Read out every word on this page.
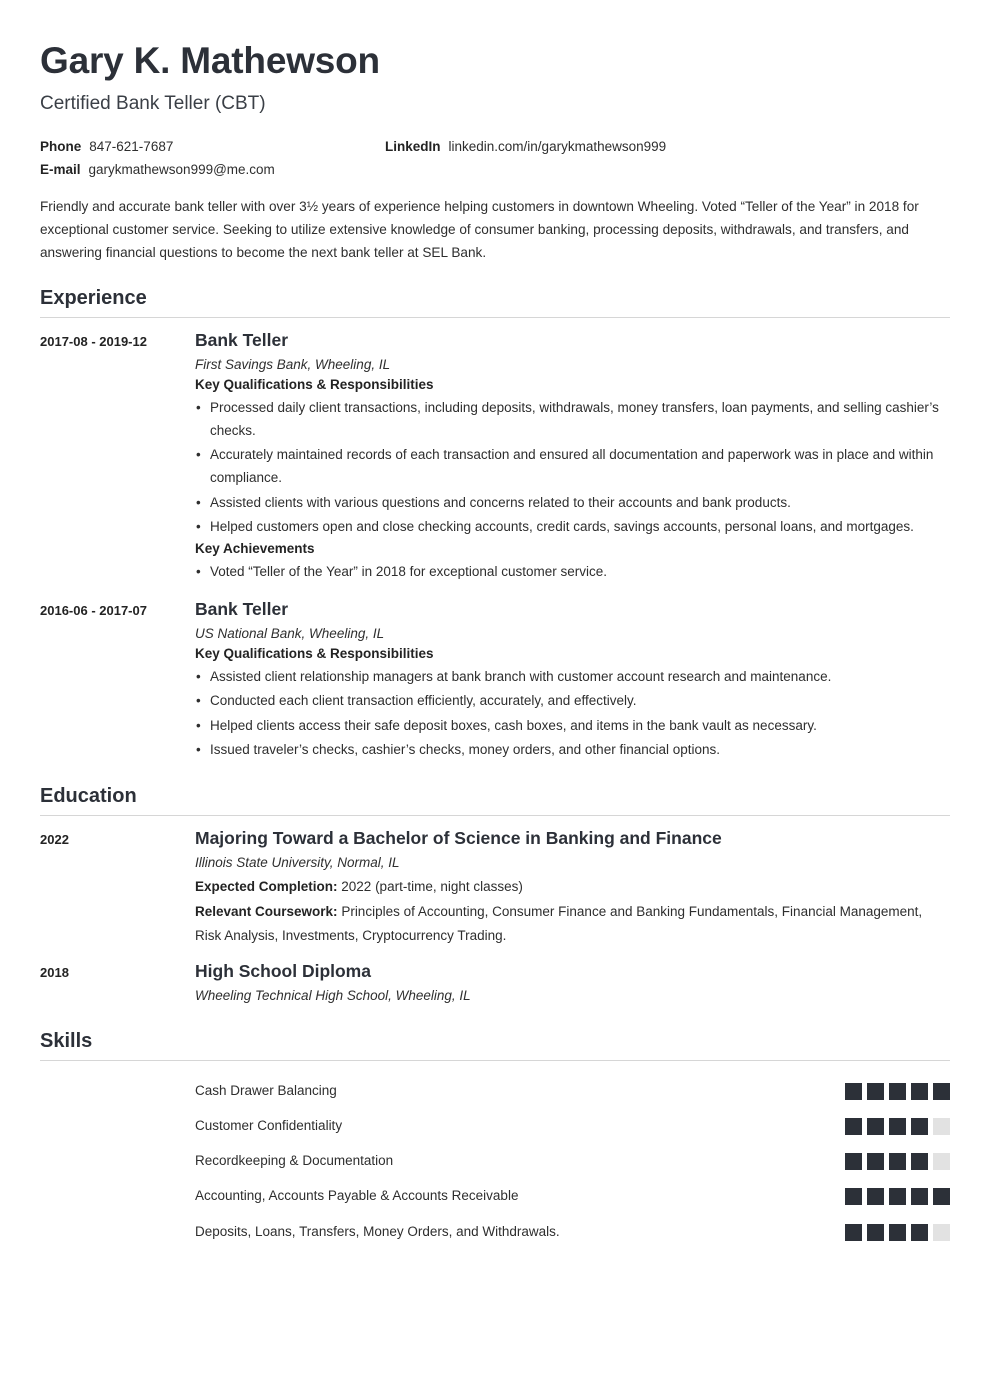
Gary K. Mathewson
Certified Bank Teller (CBT)
Phone 847-621-7687	LinkedIn linkedin.com/in/garykmathewson999
E-mail garykmathewson999@me.com

Friendly and accurate bank teller with over 3½ years of experience helping customers in downtown Wheeling. Voted “Teller of the Year” in 2018 for exceptional customer service. Seeking to utilize extensive knowledge of consumer banking, processing deposits, withdrawals, and transfers, and answering financial questions to become the next bank teller at SEL Bank.

Experience
2017-08 - 2019-12	Bank Teller
First Savings Bank, Wheeling, IL
Key Qualifications & Responsibilities
• Processed daily client transactions, including deposits, withdrawals, money transfers, loan payments, and selling cashier’s checks.
• Accurately maintained records of each transaction and ensured all documentation and paperwork was in place and within compliance.
• Assisted clients with various questions and concerns related to their accounts and bank products.
• Helped customers open and close checking accounts, credit cards, savings accounts, personal loans, and mortgages.
Key Achievements
• Voted “Teller of the Year” in 2018 for exceptional customer service.
2016-06 - 2017-07	Bank Teller
US National Bank, Wheeling, IL
Key Qualifications & Responsibilities
• Assisted client relationship managers at bank branch with customer account research and maintenance.
• Conducted each client transaction efficiently, accurately, and effectively.
• Helped clients access their safe deposit boxes, cash boxes, and items in the bank vault as necessary.
• Issued traveler’s checks, cashier’s checks, money orders, and other financial options.
Education
2022	Majoring Toward a Bachelor of Science in Banking and Finance
Illinois State University, Normal, IL

Expected Completion: 2022 (part-time, night classes)

Relevant Coursework: Principles of Accounting, Consumer Finance and Banking Fundamentals, Financial Management, Risk Analysis, Investments, Cryptocurrency Trading.

2018	High School Diploma
Wheeling Technical High School, Wheeling, IL
Skills
Cash Drawer Balancing
Customer Confidentiality
Recordkeeping & Documentation
Accounting, Accounts Payable & Accounts Receivable
Deposits, Loans, Transfers, Money Orders, and Withdrawals.
